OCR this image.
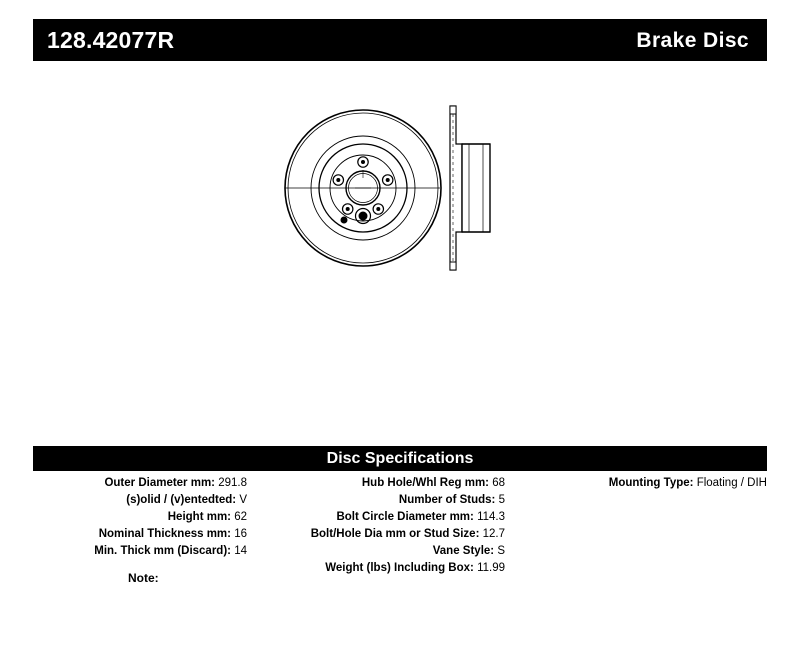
128.42077R	Brake Disc
Disc Specifications
Outer Diameter mm: 291.8
(s)olid / (v)entedted: V
Height mm: 62
Nominal Thickness mm: 16
Min. Thick mm (Discard): 14
Hub Hole/Whl Reg mm: 68
Number of Studs: 5
Bolt Circle Diameter mm: 114.3
Bolt/Hole Dia mm or Stud Size: 12.7
Vane Style: S
Weight (lbs) Including Box: 11.99
Mounting Type: Floating / DIH
Note:
